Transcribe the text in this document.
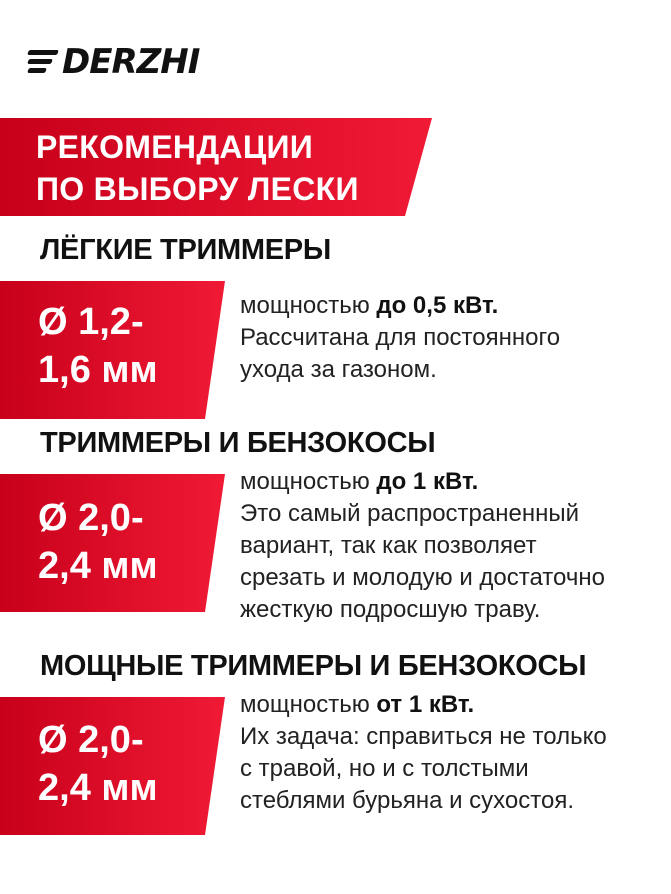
DERZHI
РЕКОМЕНДАЦИИ
ПО ВЫБОРУ ЛЕСКИ
ЛЁГКИЕ ТРИММЕРЫ
Ø 1,2-
1,6 мм
мощностью до 0,5 кВт.
Рассчитана для постоянного
ухода за газоном.
ТРИММЕРЫ И БЕНЗОКОСЫ
Ø 2,0-
2,4 мм
мощностью до 1 кВт.
Это самый распространенный
вариант, так как позволяет
срезать и молодую и достаточно
жесткую подросшую траву.
МОЩНЫЕ ТРИММЕРЫ И БЕНЗОКОСЫ
Ø 2,0-
2,4 мм
мощностью от 1 кВт.
Их задача: справиться не только
с травой, но и с толстыми
стеблями бурьяна и сухостоя.
